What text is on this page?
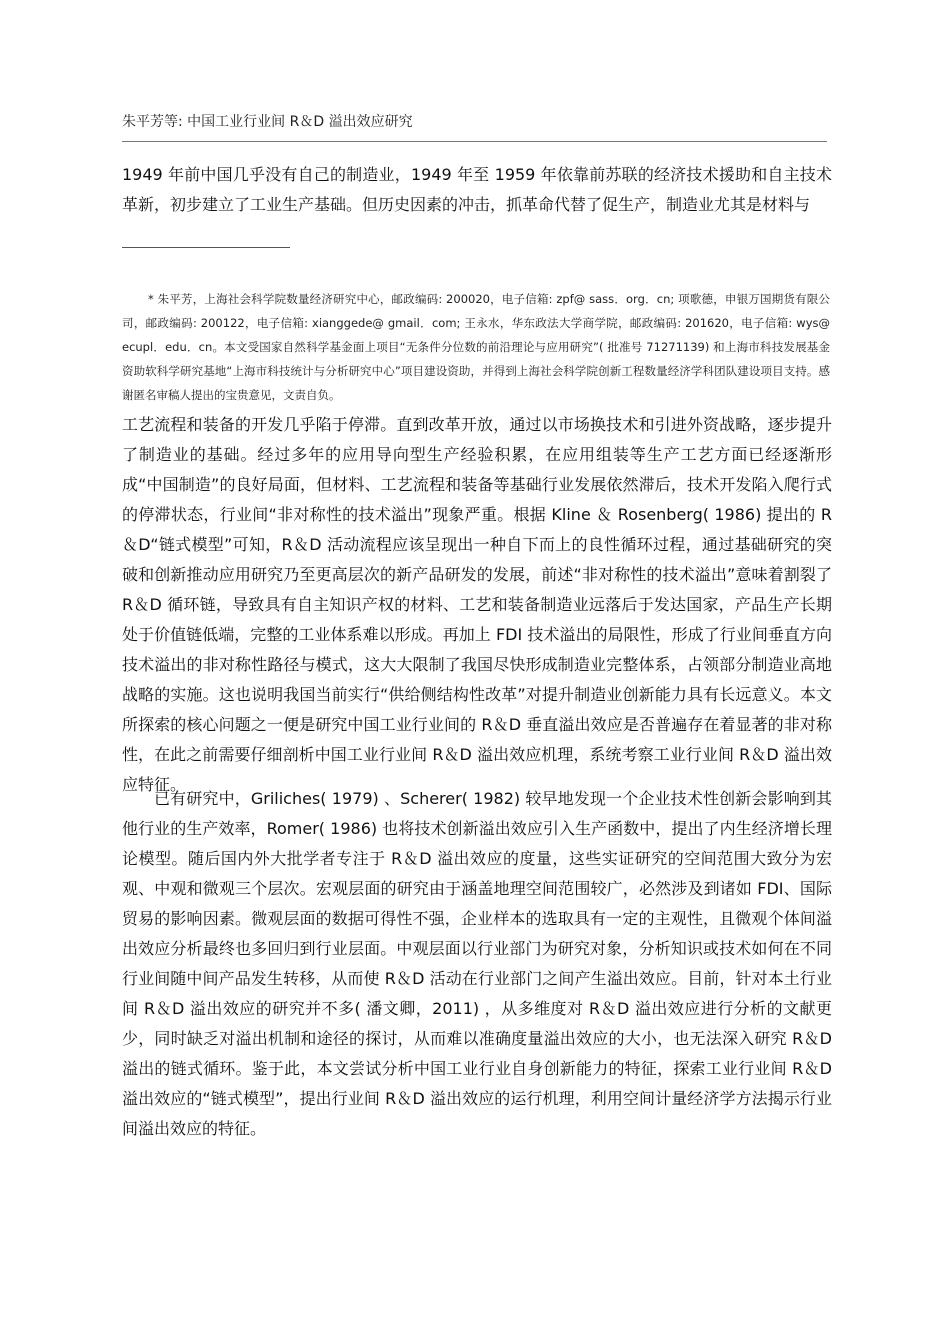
朱平芳等: 中国工业行业间 R＆D 溢出效应研究

1949 年前中国几乎没有自己的制造业，1949 年至 1959 年依靠前苏联的经济技术援助和自主技术革新，初步建立了工业生产基础。但历史因素的冲击，抓革命代替了促生产，制造业尤其是材料与

* 朱平芳，上海社会科学院数量经济研究中心，邮政编码: 200020，电子信箱: zpf@ sass．org．cn; 项歌德，申银万国期货有限公司，邮政编码: 200122，电子信箱: xianggede@ gmail．com; 王永水，华东政法大学商学院，邮政编码: 201620，电子信箱: wys@ ecupl．edu．cn。本文受国家自然科学基金面上项目“无条件分位数的前沿理论与应用研究”( 批准号 71271139) 和上海市科技发展基金资助软科学研究基地“上海市科技统计与分析研究中心”项目建设资助，并得到上海社会科学院创新工程数量经济学科团队建设项目支持。感谢匿名审稿人提出的宝贵意见，文责自负。

工艺流程和装备的开发几乎陷于停滞。直到改革开放，通过以市场换技术和引进外资战略，逐步提升了制造业的基础。经过多年的应用导向型生产经验积累，在应用组装等生产工艺方面已经逐渐形成“中国制造”的良好局面，但材料、工艺流程和装备等基础行业发展依然滞后，技术开发陷入爬行式的停滞状态，行业间“非对称性的技术溢出”现象严重。根据 Kline ＆ Rosenberg( 1986) 提出的 R＆D“链式模型”可知，R＆D 活动流程应该呈现出一种自下而上的良性循环过程，通过基础研究的突破和创新推动应用研究乃至更高层次的新产品研发的发展，前述“非对称性的技术溢出”意味着割裂了 R＆D 循环链，导致具有自主知识产权的材料、工艺和装备制造业远落后于发达国家，产品生产长期处于价值链低端，完整的工业体系难以形成。再加上 FDI 技术溢出的局限性，形成了行业间垂直方向技术溢出的非对称性路径与模式，这大大限制了我国尽快形成制造业完整体系，占领部分制造业高地战略的实施。这也说明我国当前实行“供给侧结构性改革”对提升制造业创新能力具有长远意义。本文所探索的核心问题之一便是研究中国工业行业间的 R＆D 垂直溢出效应是否普遍存在着显著的非对称性，在此之前需要仔细剖析中国工业行业间 R＆D 溢出效应机理，系统考察工业行业间 R＆D 溢出效应特征。

已有研究中，Griliches( 1979) 、Scherer( 1982) 较早地发现一个企业技术性创新会影响到其他行业的生产效率，Romer( 1986) 也将技术创新溢出效应引入生产函数中，提出了内生经济增长理论模型。随后国内外大批学者专注于 R＆D 溢出效应的度量，这些实证研究的空间范围大致分为宏观、中观和微观三个层次。宏观层面的研究由于涵盖地理空间范围较广，必然涉及到诸如 FDI、国际贸易的影响因素。微观层面的数据可得性不强，企业样本的选取具有一定的主观性，且微观个体间溢出效应分析最终也多回归到行业层面。中观层面以行业部门为研究对象，分析知识或技术如何在不同行业间随中间产品发生转移，从而使 R＆D 活动在行业部门之间产生溢出效应。目前，针对本土行业间 R＆D 溢出效应的研究并不多( 潘文卿，2011) ，从多维度对 R＆D 溢出效应进行分析的文献更少，同时缺乏对溢出机制和途径的探讨，从而难以准确度量溢出效应的大小，也无法深入研究 R＆D 溢出的链式循环。鉴于此，本文尝试分析中国工业行业自身创新能力的特征，探索工业行业间 R＆D 溢出效应的“链式模型”，提出行业间 R＆D 溢出效应的运行机理，利用空间计量经济学方法揭示行业间溢出效应的特征。
